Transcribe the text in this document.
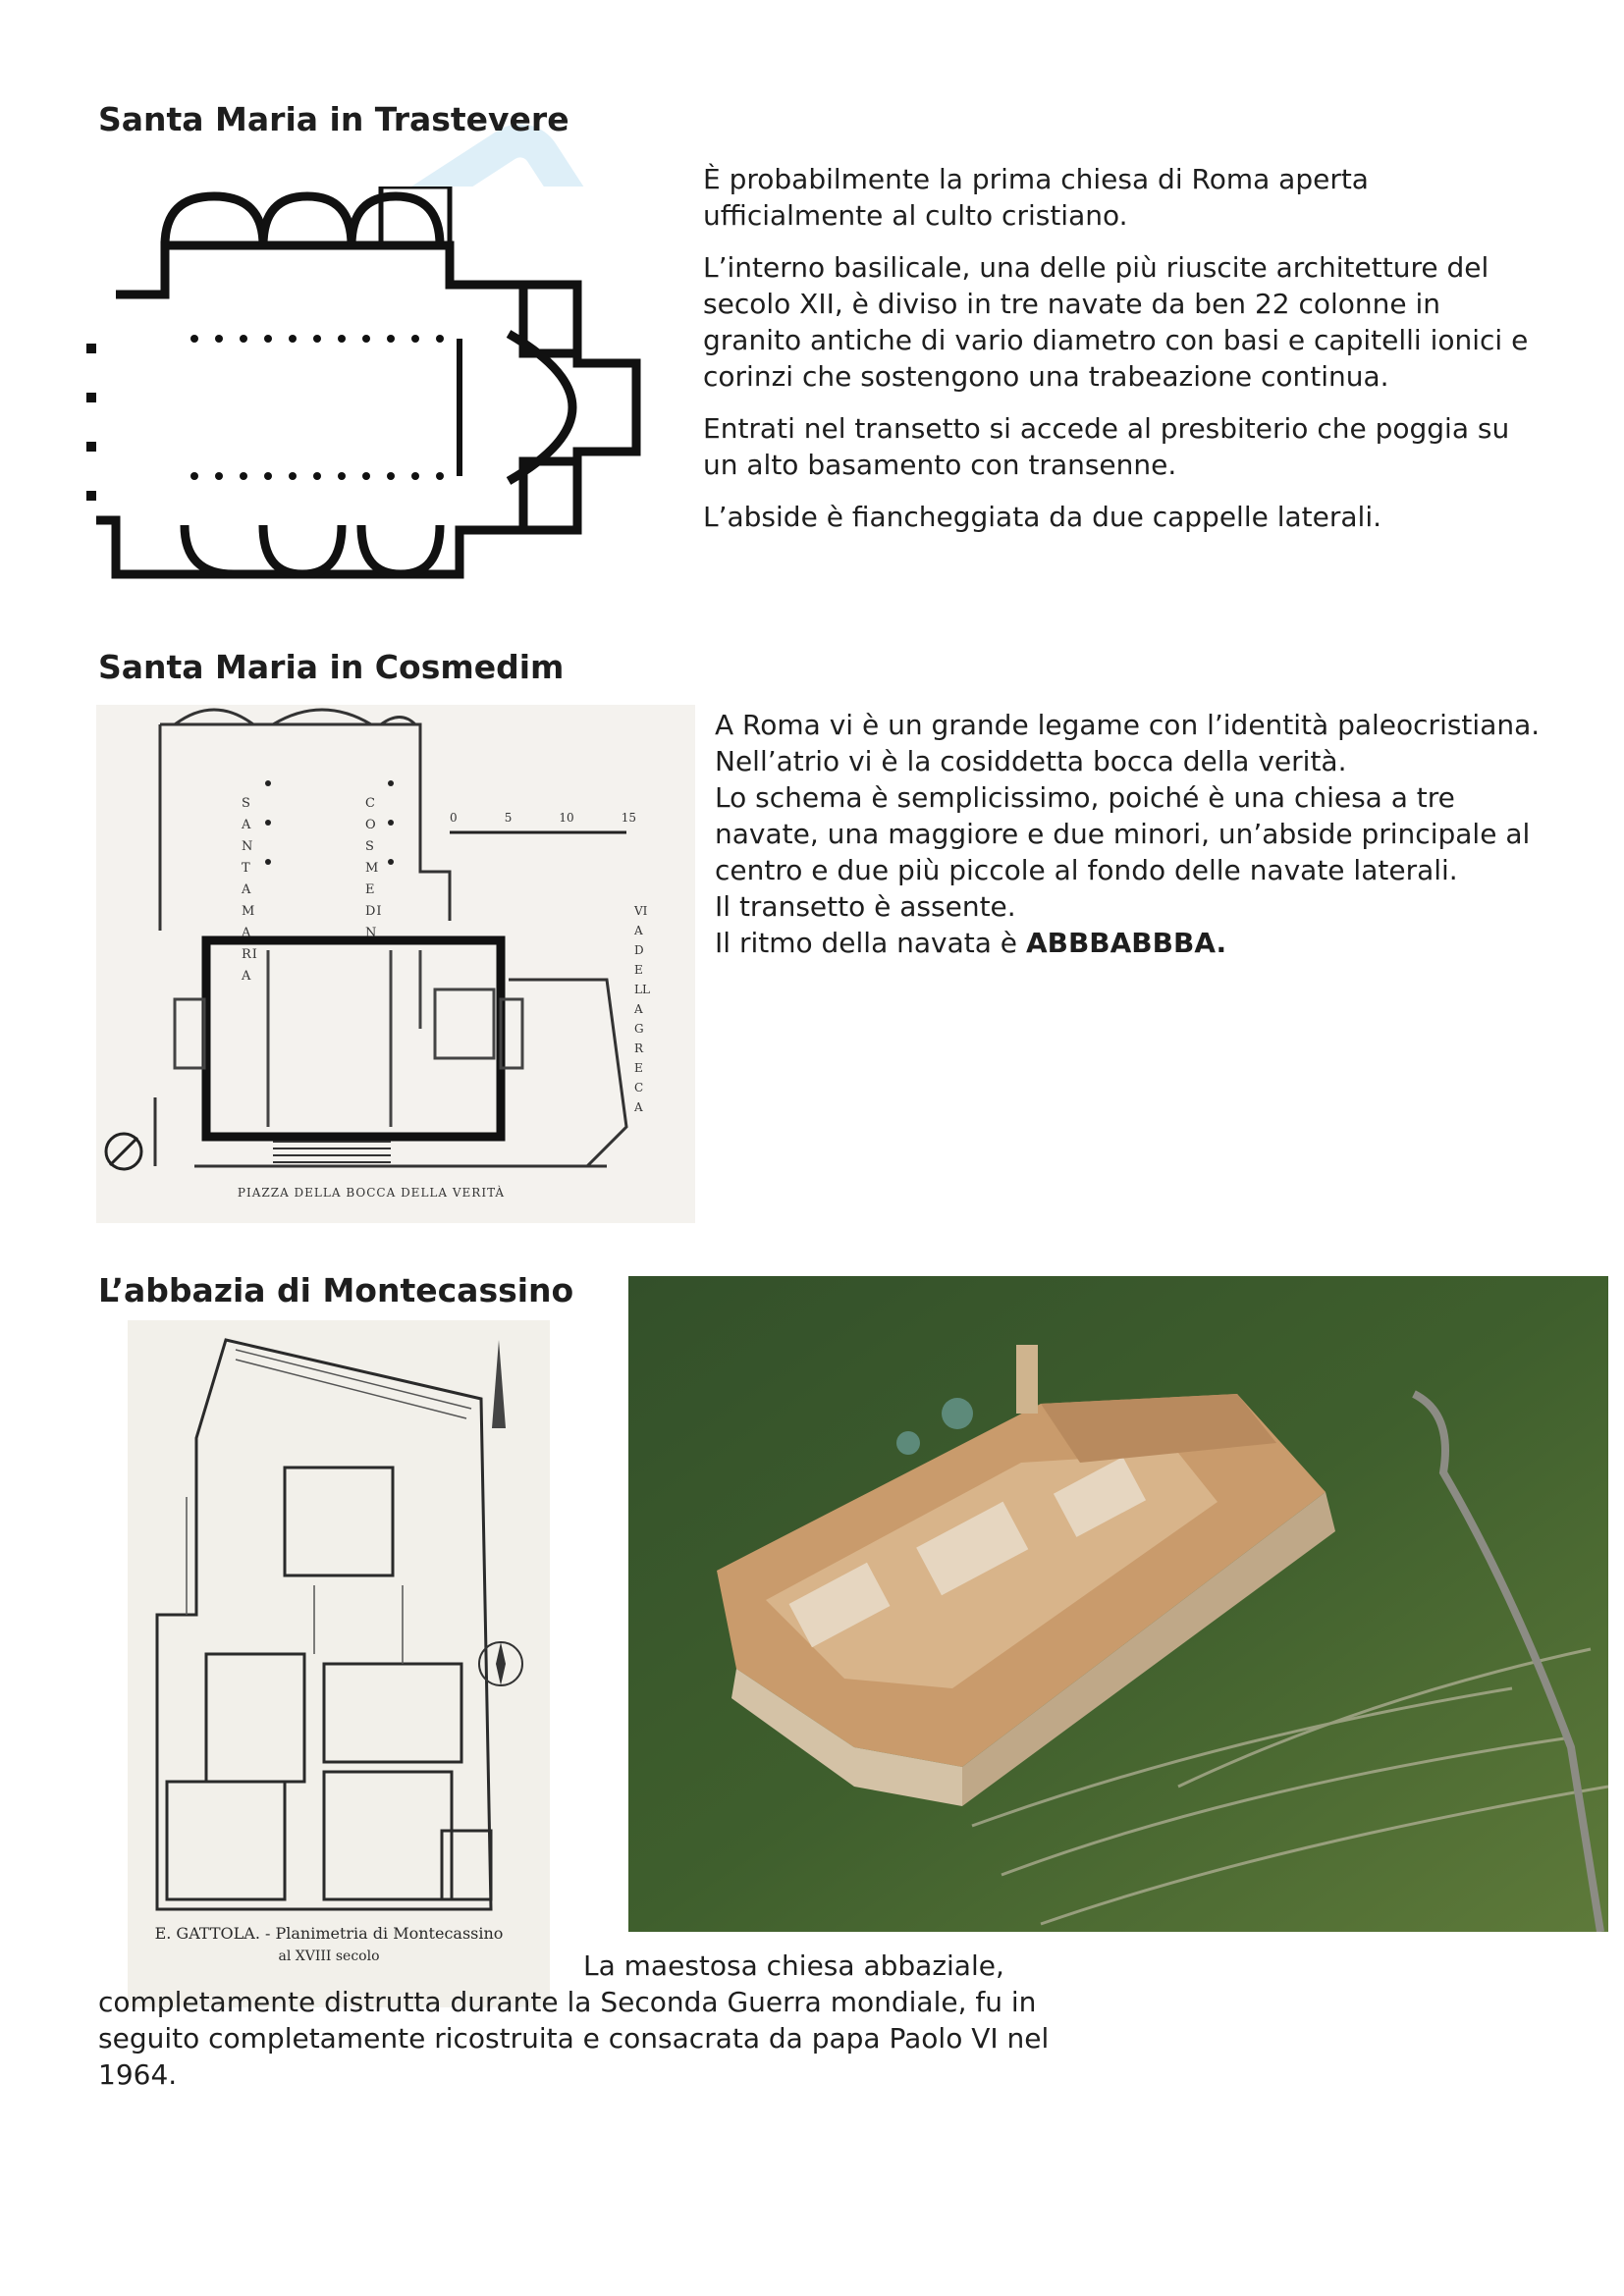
Santa Maria in Trastevere

È probabilmente la prima chiesa di Roma aperta ufficialmente al culto cristiano.

L’interno basilicale, una delle più riuscite architetture del secolo XII, è diviso in tre navate da ben 22 colonne in granito antiche di vario diametro con basi e capitelli ionici e corinzi che sostengono una trabeazione continua.

Entrati nel transetto si accede al presbiterio che poggia su un alto basamento con transenne.

L’abside è fiancheggiata da due cappelle laterali.

Santa Maria in Cosmedim
SANTA MARIA
COSMEDIN
VIA DELLA GRECA
0	5	10	15
PIAZZA DELLA BOCCA DELLA VERITÀ

A Roma vi è un grande legame con l’identità paleocristiana.

Nell’atrio vi è la cosiddetta bocca della verità.

Lo schema è semplicissimo, poiché è una chiesa a tre navate, una maggiore e due minori, un’abside principale al centro e due più piccole al fondo delle navate laterali.

Il transetto è assente.

Il ritmo della navata è ABBBABBBA.

L’abbazia di Montecassino
E. GATTOLA. - Planimetria di Montecassino
al XVIII secolo	La maestosa chiesa abbaziale, completamente distrutta durante la Seconda Guerra mondiale, fu in seguito completamente ricostruita e consacrata da papa Paolo VI nel 1964.
